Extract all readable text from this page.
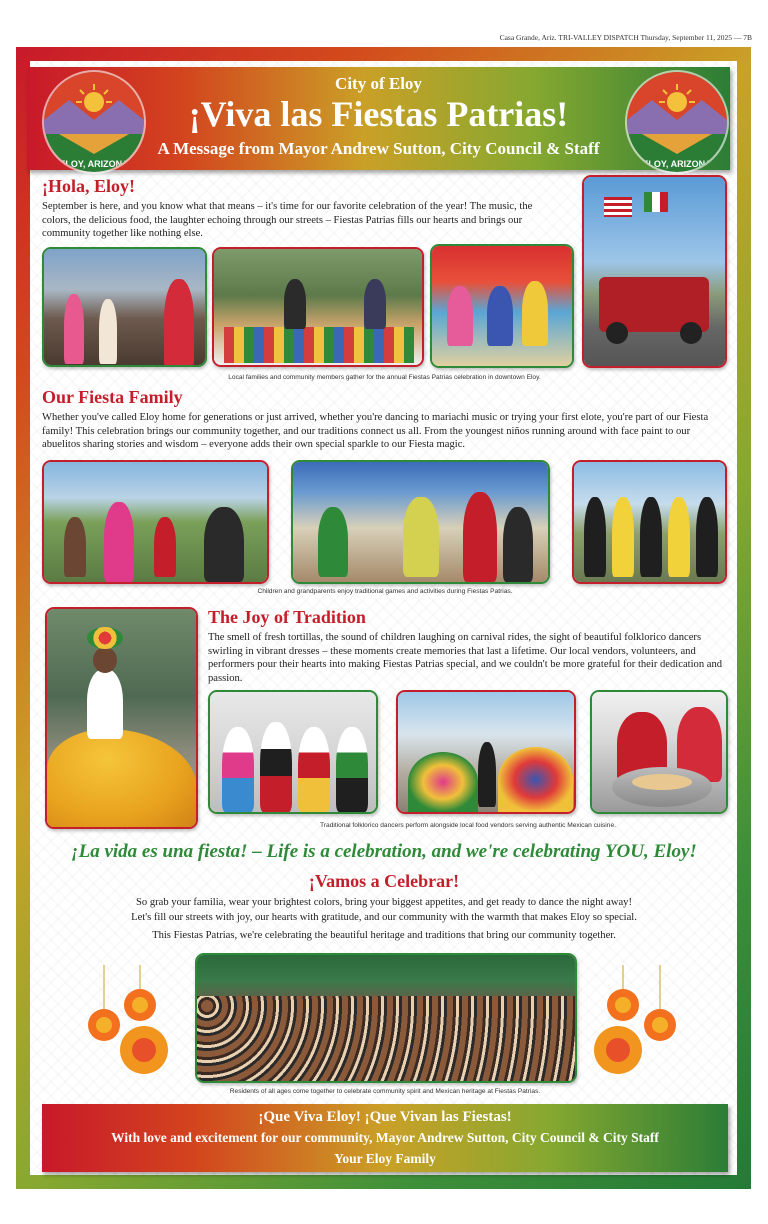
Casa Grande, Ariz. TRI-VALLEY DISPATCH Thursday, September 11, 2025 — 7B
City of Eloy
¡Viva las Fiestas Patrias!
A Message from Mayor Andrew Sutton, City Council & Staff
ELOY, ARIZONA	ELOY, ARIZONA
¡Hola, Eloy!
September is here, and you know what that means – it's time for our favorite celebration of the year! The music, the colors, the delicious food, the laughter echoing through our streets – Fiestas Patrias fills our hearts and brings our community together like nothing else.
Local families and community members gather for the annual Fiestas Patrias celebration in downtown Eloy.
Our Fiesta Family
Whether you've called Eloy home for generations or just arrived, whether you're dancing to mariachi music or trying your first elote, you're part of our Fiesta family! This celebration brings our community together, and our traditions connect us all. From the youngest niños running around with face paint to our abuelitos sharing stories and wisdom – everyone adds their own special sparkle to our Fiesta magic.
Children and grandparents enjoy traditional games and activities during Fiestas Patrias.
The Joy of Tradition
The smell of fresh tortillas, the sound of children laughing on carnival rides, the sight of beautiful folklorico dancers swirling in vibrant dresses – these moments create memories that last a lifetime. Our local vendors, volunteers, and performers pour their hearts into making Fiestas Patrias special, and we couldn't be more grateful for their dedication and passion.
Traditional folklorico dancers perform alongside local food vendors serving authentic Mexican cuisine.
¡La vida es una fiesta! – Life is a celebration, and we're celebrating YOU, Eloy!
¡Vamos a Celebrar!
So grab your familia, wear your brightest colors, bring your biggest appetites, and get ready to dance the night away!
Let's fill our streets with joy, our hearts with gratitude, and our community with the warmth that makes Eloy so special.
This Fiestas Patrias, we're celebrating the beautiful heritage and traditions that bring our community together.
Residents of all ages come together to celebrate community spirit and Mexican heritage at Fiestas Patrias.
¡Que Viva Eloy! ¡Que Vivan las Fiestas!
With love and excitement for our community, Mayor Andrew Sutton, City Council & City Staff
Your Eloy Family
